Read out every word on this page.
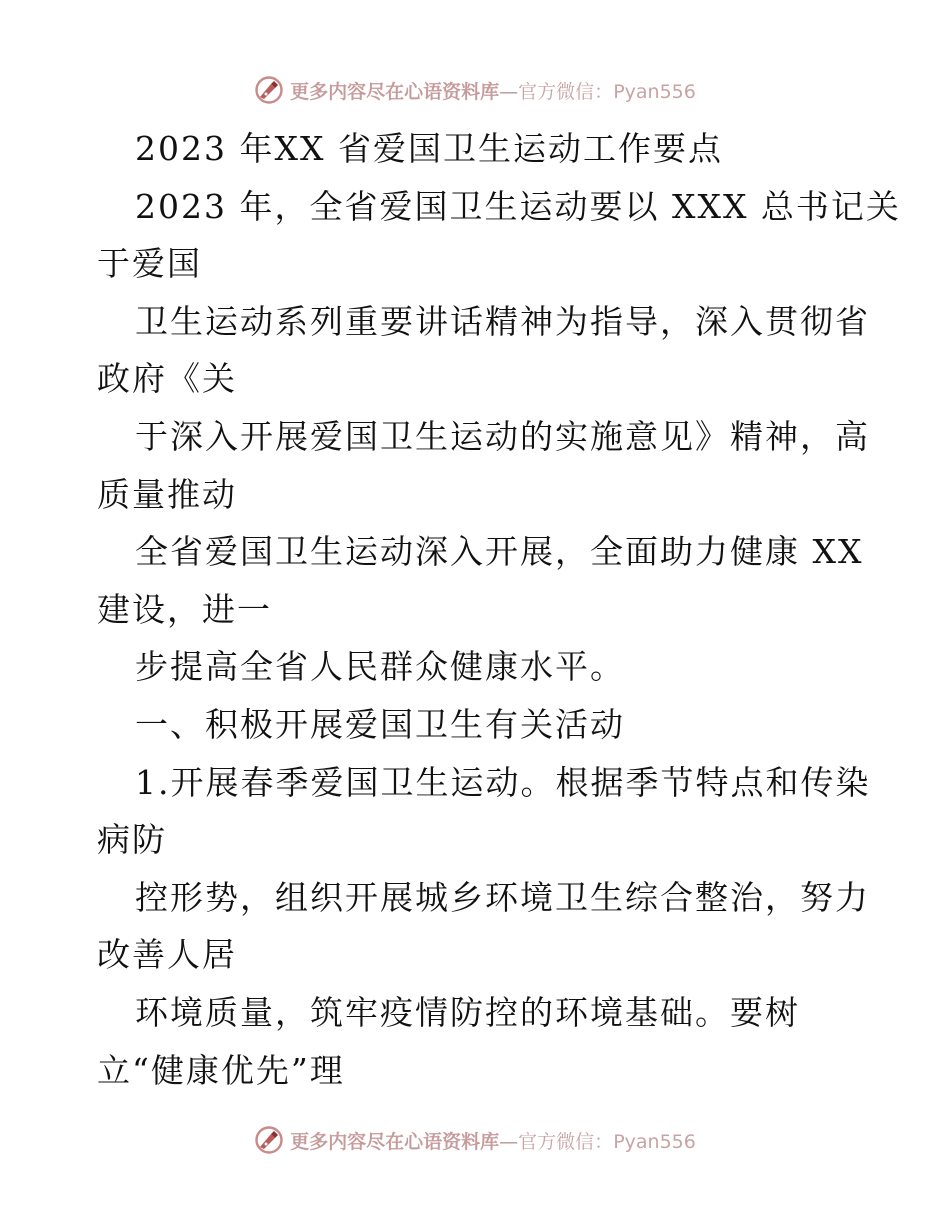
更多内容尽在心语资料库—官方微信：Pyan556
2023 年XX 省爱国卫生运动工作要点
2023 年，全省爱国卫生运动要以 XXX 总书记关
于爱国
卫生运动系列重要讲话精神为指导，深入贯彻省
政府《关
于深入开展爱国卫生运动的实施意见》精神，高
质量推动
全省爱国卫生运动深入开展，全面助力健康 XX
建设，进一
步提高全省人民群众健康水平。
一、积极开展爱国卫生有关活动
1.开展春季爱国卫生运动。根据季节特点和传染
病防
控形势，组织开展城乡环境卫生综合整治，努力
改善人居
环境质量，筑牢疫情防控的环境基础。要树
立“健康优先”理
更多内容尽在心语资料库—官方微信：Pyan556
